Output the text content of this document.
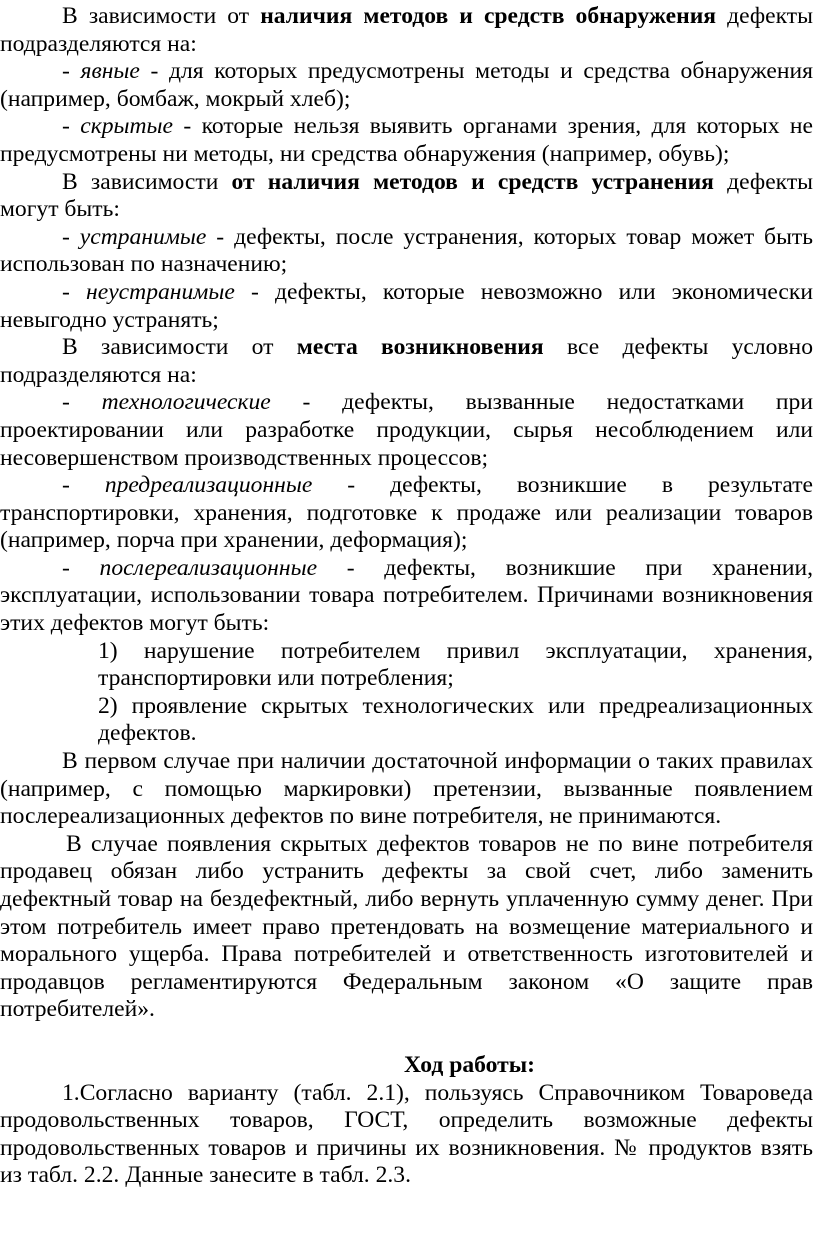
В зависимости от наличия методов и средств обнаружения дефекты подразделяются на:

- явные - для которых предусмотрены методы и средства обнаружения (например, бомбаж, мокрый хлеб);

- скрытые - которые нельзя выявить органами зрения, для которых не предусмотрены ни методы, ни средства обнаружения (например, обувь);

В зависимости от наличия методов и средств устранения дефекты могут быть:

- устранимые - дефекты, после устранения, которых товар может быть использован по назначению;

- неустранимые - дефекты, которые невозможно или экономически невыгодно устранять;

В зависимости от места возникновения все дефекты условно подразделяются на:

- технологические - дефекты, вызванные недостатками при проектировании или разработке продукции, сырья несоблюдением или несовершенством производственных процессов;

- предреализационные - дефекты, возникшие в результате транспортировки, хранения, подготовке к продаже или реализации товаров (например, порча при хранении, деформация);

- послереализационные - дефекты, возникшие при хранении, эксплуатации, использовании товара потребителем. Причинами возникновения этих дефектов могут быть:

1) нарушение потребителем привил эксплуатации, хранения, транспортировки или потребления;

2) проявление скрытых технологических или предреализационных дефектов.

В первом случае при наличии достаточной информации о таких правилах (например, с помощью маркировки) претензии, вызванные появлением послереализационных дефектов по вине потребителя, не принимаются.

В случае появления скрытых дефектов товаров не по вине потребителя продавец обязан либо устранить дефекты за свой счет, либо заменить дефектный товар на бездефектный, либо вернуть уплаченную сумму денег. При этом потребитель имеет право претендовать на возмещение материального и морального ущерба. Права потребителей и ответственность изготовителей и продавцов регламентируются Федеральным законом «О защите прав потребителей».

Ход работы:

1.Согласно варианту (табл. 2.1), пользуясь Справочником Товароведа продовольственных товаров, ГОСТ, определить возможные дефекты продовольственных товаров и причины их возникновения. № продуктов взять из табл. 2.2. Данные занесите в табл. 2.3.
